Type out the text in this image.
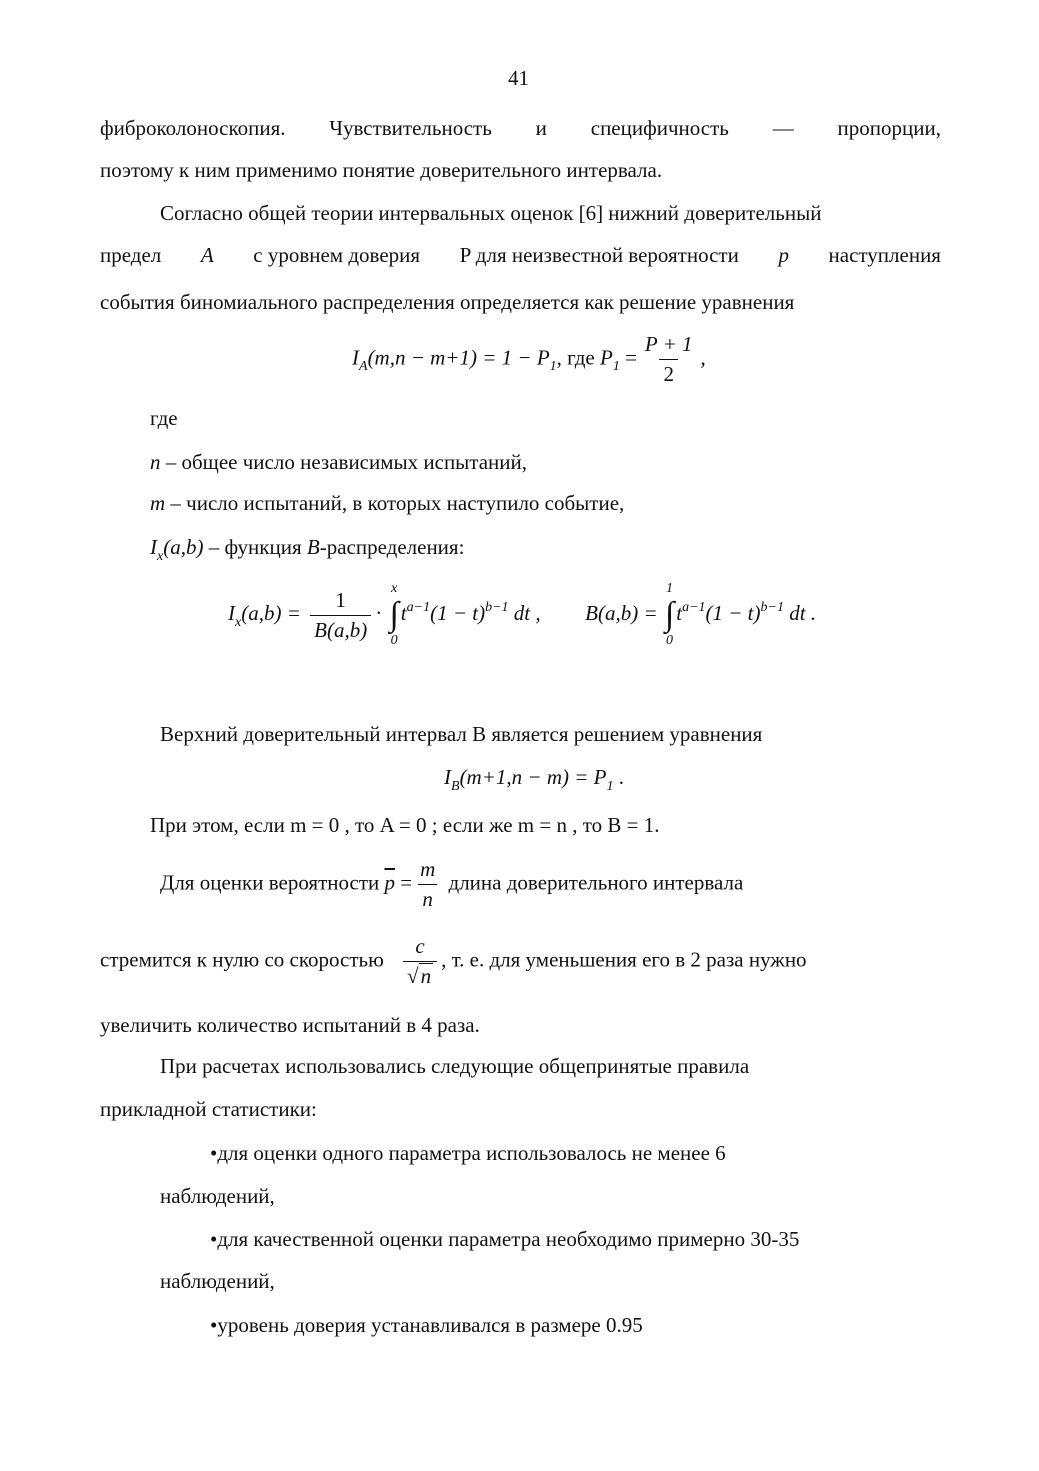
41
фиброколоноскопия. Чувствительность и специфичность — пропорции,
поэтому к ним применимо понятие доверительного интервала.
Согласно общей теории интервальных оценок [6] нижний доверительный
предел A с уровнем доверия P для неизвестной вероятности p наступления
события биномиального распределения определяется как решение уравнения
$I_A(m,n - m+1) = 1 - P_1$, где $P_1 = \frac{P + 1}{2}$ ,
где
n – общее число независимых испытаний,
m – число испытаний, в которых наступило событие,
$I_x(a,b)$ – функция B-распределения:
$I_x(a,b) = \frac{1}{B(a,b)}$ ·
x
∫
0
$t^{a-1}(1 - t)^{b-1}$ dt , B(a,b) =
1
∫
0
$t^{a-1}(1 - t)^{b-1}$ dt .
Верхний доверительный интервал B является решением уравнения
$I_B(m+1,n - m) = P_1$ .
При этом, если m = 0 , то A = 0 ; если же m = n , то B = 1.
Для оценки вероятности $\overline{p} = \frac{m}{n}$ длина доверительного интервала
стремится к нулю со скоростью $\frac{c}{√n}$ , т. е. для уменьшения его в 2 раза нужно
увеличить количество испытаний в 4 раза.
При расчетах использовались следующие общепринятые правила
прикладной статистики:
•для оценки одного параметра использовалось не менее 6
наблюдений,
•для качественной оценки параметра необходимо примерно 30-35
наблюдений,
•уровень доверия устанавливался в размере 0.95
